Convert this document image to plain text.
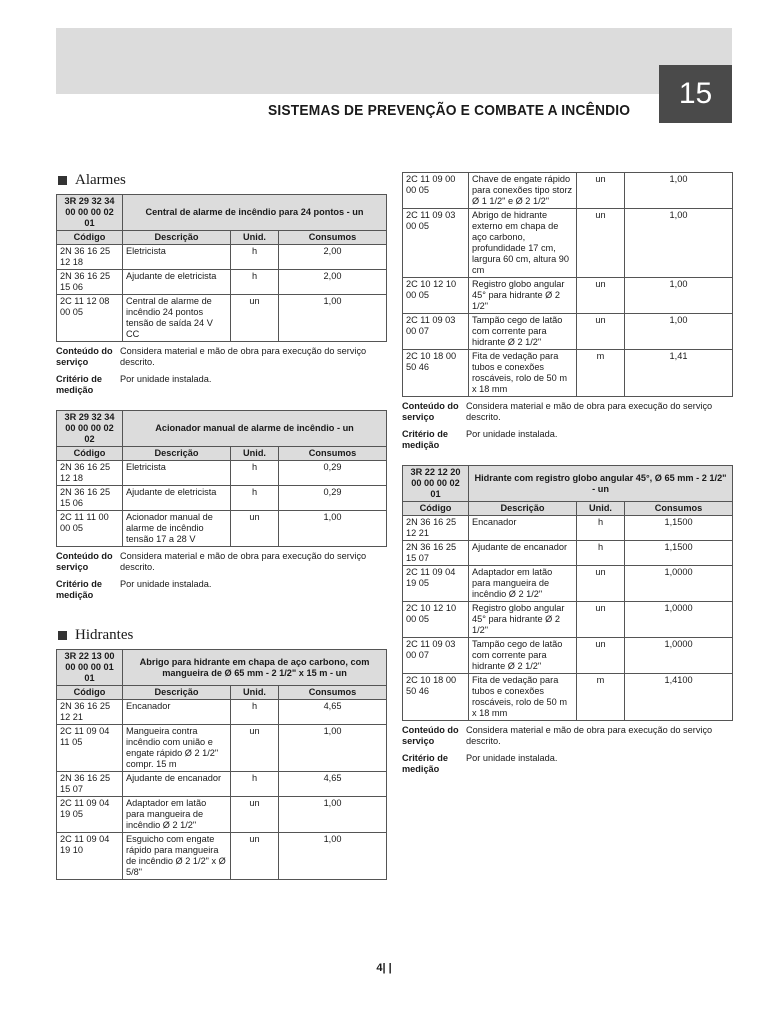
15
SISTEMAS DE PREVENÇÃO E COMBATE A INCÊNDIO
Alarmes
3R 29 32 34 00 00 00 02 01	Central de alarme de incêndio para 24 pontos - un		
Código	Descrição	Unid.	Consumos
2N 36 16 25 12 18	Eletricista	h	2,00
2N 36 16 25 15 06	Ajudante de eletricista	h	2,00
2C 11 12 08 00 05	Central de alarme de incêndio 24 pontos tensão de saída 24 V CC	un	1,00
Conteúdo do serviço
Considera material e mão de obra para execução do serviço descrito.
Critério de medição
Por unidade instalada.
3R 29 32 34 00 00 00 02 02	Acionador manual de alarme de incêndio - un		
Código	Descrição	Unid.	Consumos
2N 36 16 25 12 18	Eletricista	h	0,29
2N 36 16 25 15 06	Ajudante de eletricista	h	0,29
2C 11 11 00 00 05	Acionador manual de alarme de incêndio tensão 17 a 28 V	un	1,00
Conteúdo do serviço
Considera material e mão de obra para execução do serviço descrito.
Critério de medição
Por unidade instalada.
Hidrantes
3R 22 13 00 00 00 00 01 01	Abrigo para hidrante em chapa de aço carbono, com mangueira de Ø 65 mm - 2 1/2" x 15 m - un		
Código	Descrição	Unid.	Consumos
2N 36 16 25 12 21	Encanador	h	4,65
2C 11 09 04 11 05	Mangueira contra incêndio com união e engate rápido Ø 2 1/2" compr. 15 m	un	1,00
2N 36 16 25 15 07	Ajudante de encanador	h	4,65
2C 11 09 04 19 05	Adaptador em latão para mangueira de incêndio Ø 2 1/2"	un	1,00
2C 11 09 04 19 10	Esguicho com engate rápido para mangueira de incêndio Ø 2 1/2" x Ø 5/8"	un	1,00
2C 11 09 00 00 05	Chave de engate rápido para conexões tipo storz Ø 1 1/2" e Ø 2 1/2"	un	1,00
2C 11 09 03 00 05	Abrigo de hidrante externo em chapa de aço carbono, profundidade 17 cm, largura 60 cm, altura 90 cm	un	1,00
2C 10 12 10 00 05	Registro globo angular 45° para hidrante Ø 2 1/2"	un	1,00
2C 11 09 03 00 07	Tampão cego de latão com corrente para hidrante Ø 2 1/2"	un	1,00
2C 10 18 00 50 46	Fita de vedação para tubos e conexões roscáveis, rolo de 50 m x 18 mm	m	1,41
Conteúdo do serviço
Considera material e mão de obra para execução do serviço descrito.
Critério de medição
Por unidade instalada.
3R 22 12 20 00 00 00 02 01	Hidrante com registro globo angular 45°, Ø 65 mm - 2 1/2" - un		
Código	Descrição	Unid.	Consumos
2N 36 16 25 12 21	Encanador	h	1,1500
2N 36 16 25 15 07	Ajudante de encanador	h	1,1500
2C 11 09 04 19 05	Adaptador em latão para mangueira de incêndio Ø 2 1/2"	un	1,0000
2C 10 12 10 00 05	Registro globo angular 45° para hidrante Ø 2 1/2"	un	1,0000
2C 11 09 03 00 07	Tampão cego de latão com corrente para hidrante Ø 2 1/2"	un	1,0000
2C 10 18 00 50 46	Fita de vedação para tubos e conexões roscáveis, rolo de 50 m x 18 mm	m	1,4100
Conteúdo do serviço
Considera material e mão de obra para execução do serviço descrito.
Critério de medição
Por unidade instalada.
4| |
